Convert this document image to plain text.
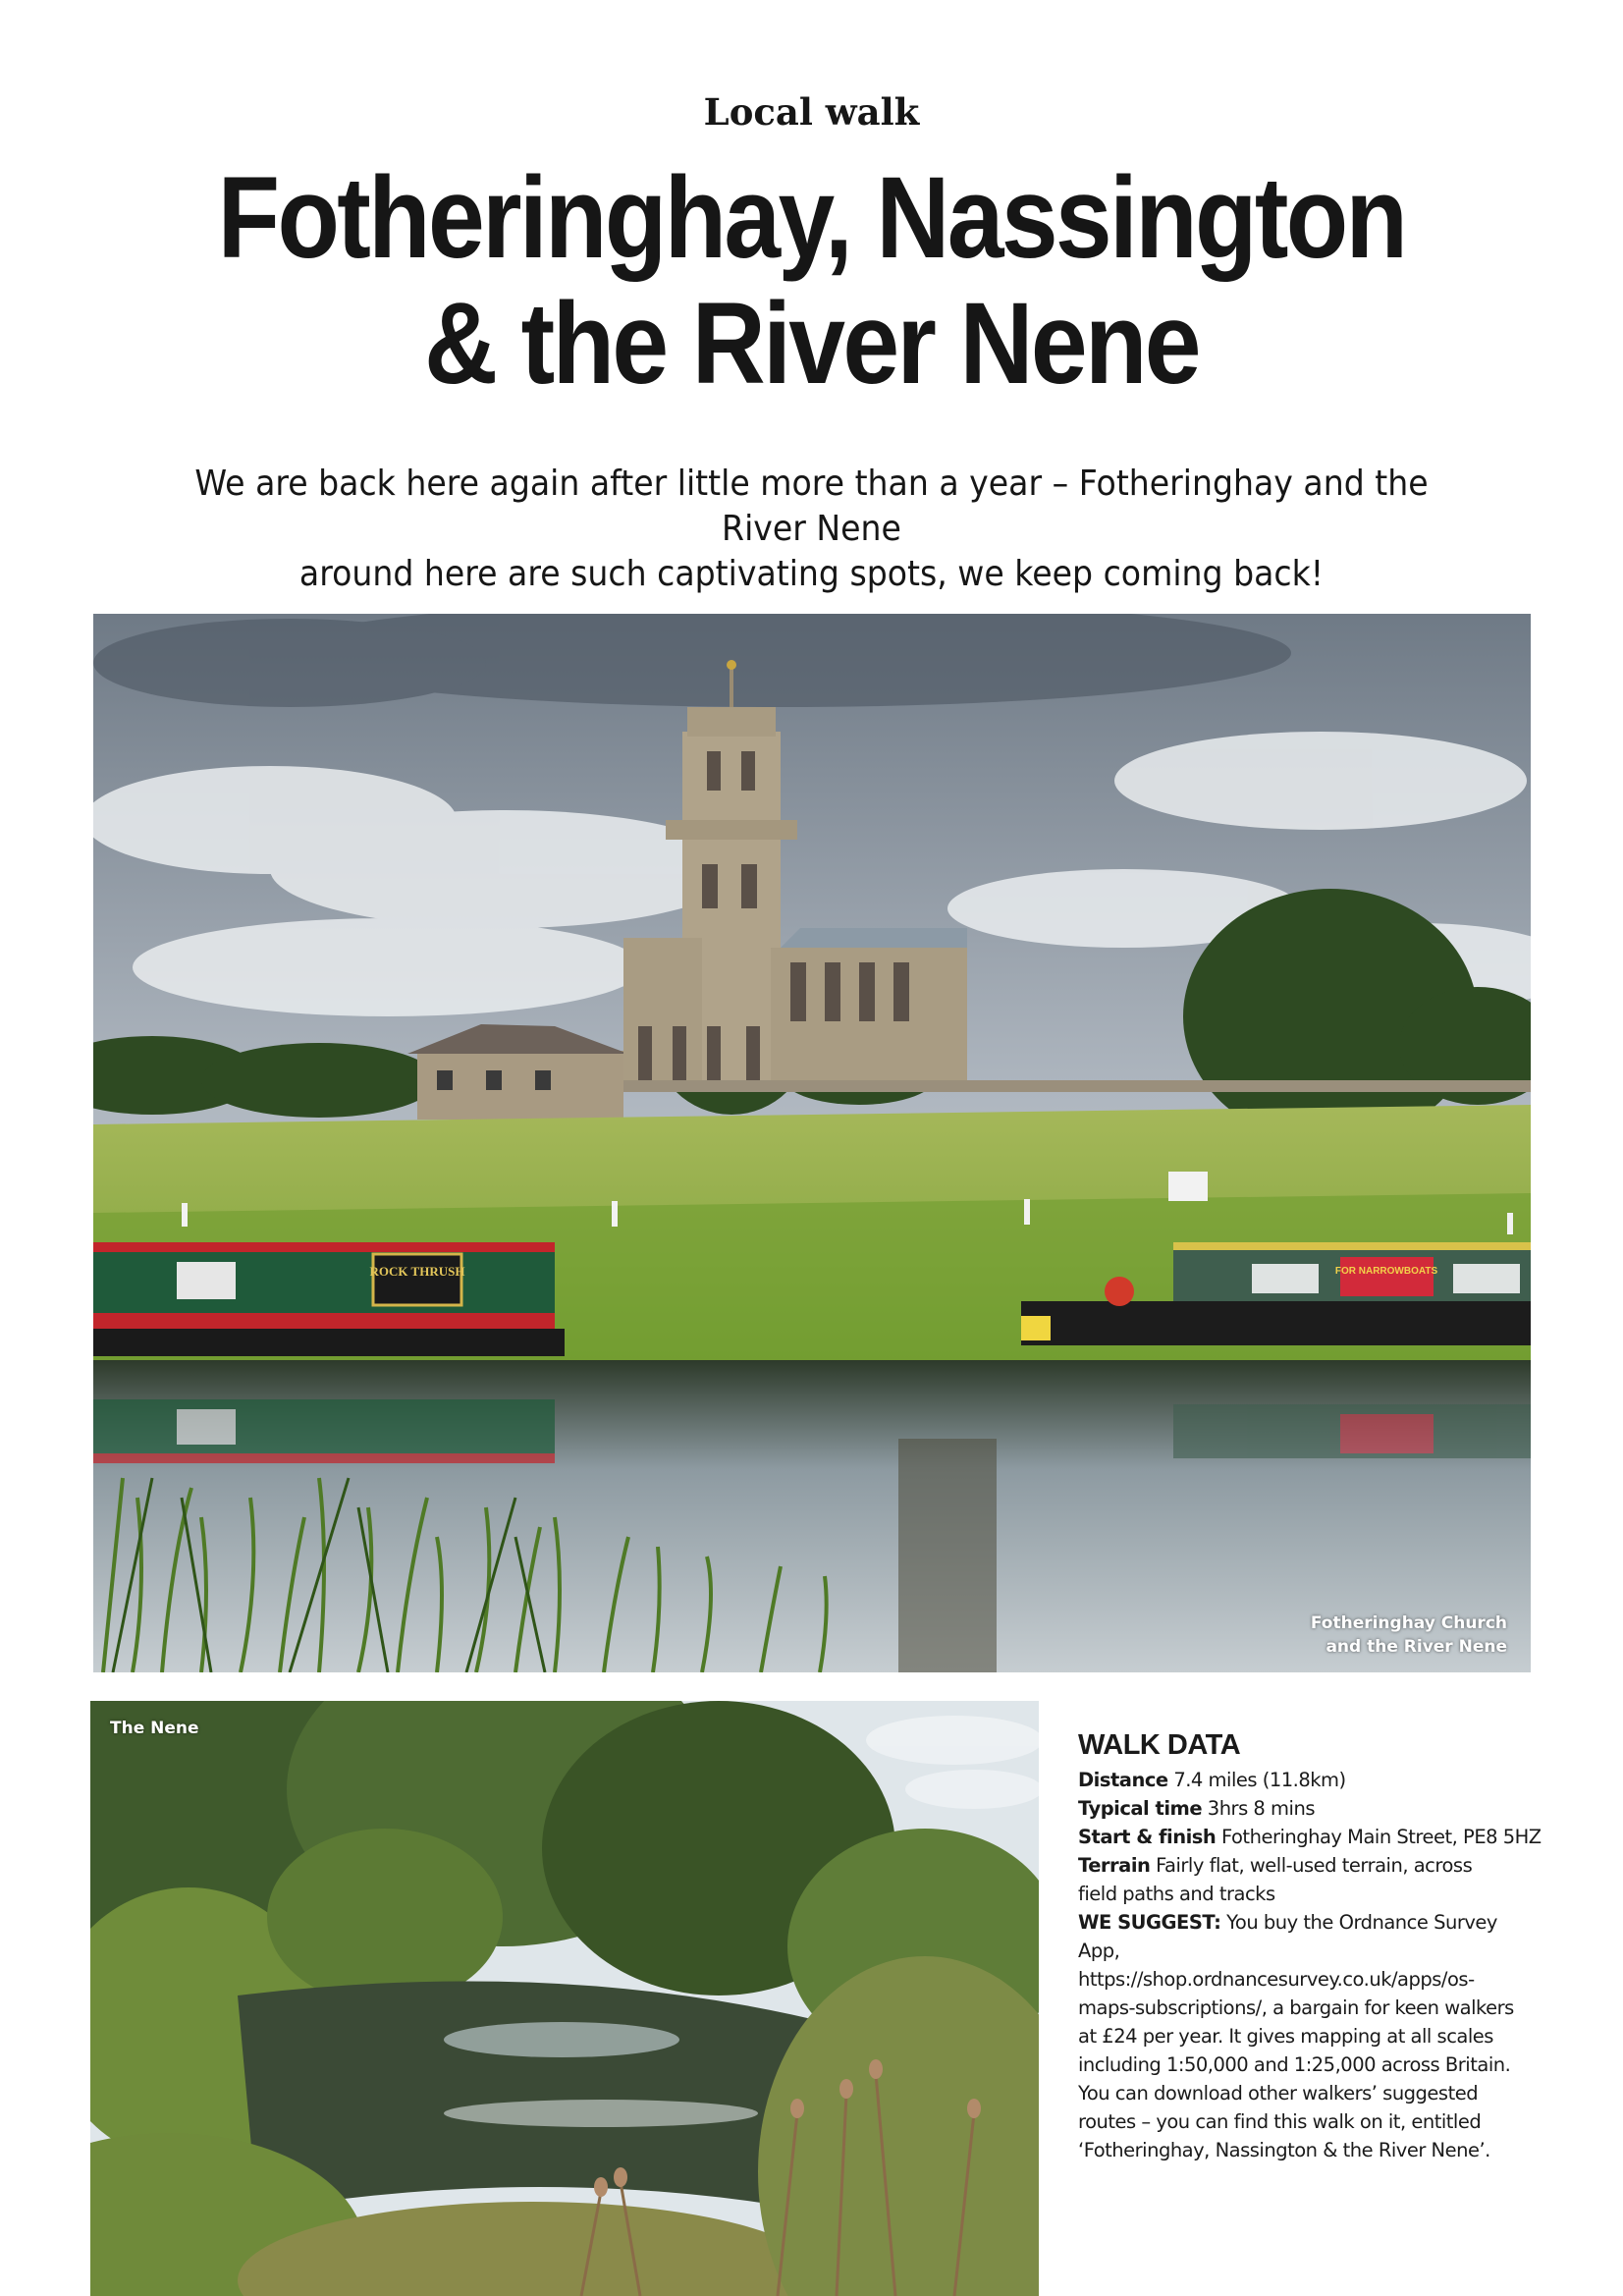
Local walk
Fotheringhay, Nassington
& the River Nene
We are back here again after little more than a year – Fotheringhay and the River Nene
around here are such captivating spots, we keep coming back!
ROCK THRUSH	FOR NARROWBOATS
Fotheringhay Church
and the River Nene
The Nene
WALK DATA

Distance 7.4 miles (11.8km)

Typical time 3hrs 8 mins

Start & finish Fotheringhay Main Street, PE8 5HZ

Terrain Fairly flat, well-used terrain, across field paths and tracks

WE SUGGEST: You buy the Ordnance Survey App, https://shop.ordnancesurvey.co.uk/apps/os-maps-subscriptions/, a bargain for keen walkers at £24 per year. It gives mapping at all scales including 1:50,000 and 1:25,000 across Britain. You can download other walkers’ suggested routes – you can find this walk on it, entitled ‘Fotheringhay, Nassington & the River Nene’.
